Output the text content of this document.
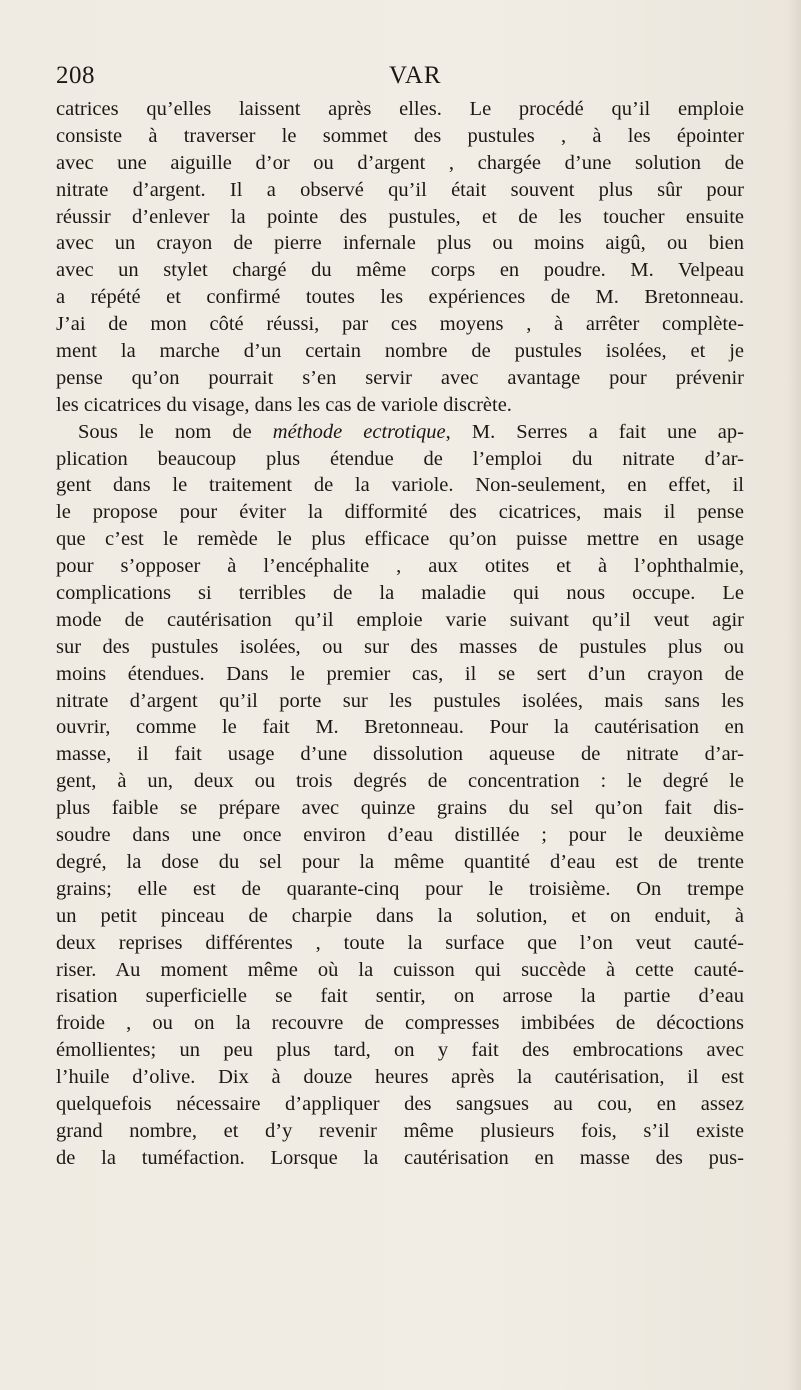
208	VAR
catrices qu’elles laissent après elles. Le procédé qu’il emploie
consiste à traverser le sommet des pustules , à les épointer
avec une aiguille d’or ou d’argent , chargée d’une solution de
nitrate d’argent. Il a observé qu’il était souvent plus sûr pour
réussir d’enlever la pointe des pustules, et de les toucher ensuite
avec un crayon de pierre infernale plus ou moins aigû, ou bien
avec un stylet chargé du même corps en poudre. M. Velpeau
a répété et confirmé toutes les expériences de M. Bretonneau.
J’ai de mon côté réussi, par ces moyens , à arrêter complète-
ment la marche d’un certain nombre de pustules isolées, et je
pense qu’on pourrait s’en servir avec avantage pour prévenir
les cicatrices du visage, dans les cas de variole discrète.
Sous le nom de méthode ectrotique, M. Serres a fait une ap-
plication beaucoup plus étendue de l’emploi du nitrate d’ar-
gent dans le traitement de la variole. Non-seulement, en effet, il
le propose pour éviter la difformité des cicatrices, mais il pense
que c’est le remède le plus efficace qu’on puisse mettre en usage
pour s’opposer à l’encéphalite , aux otites et à l’ophthalmie,
complications si terribles de la maladie qui nous occupe. Le
mode de cautérisation qu’il emploie varie suivant qu’il veut agir
sur des pustules isolées, ou sur des masses de pustules plus ou
moins étendues. Dans le premier cas, il se sert d’un crayon de
nitrate d’argent qu’il porte sur les pustules isolées, mais sans les
ouvrir, comme le fait M. Bretonneau. Pour la cautérisation en
masse, il fait usage d’une dissolution aqueuse de nitrate d’ar-
gent, à un, deux ou trois degrés de concentration : le degré le
plus faible se prépare avec quinze grains du sel qu’on fait dis-
soudre dans une once environ d’eau distillée ; pour le deuxième
degré, la dose du sel pour la même quantité d’eau est de trente
grains; elle est de quarante-cinq pour le troisième. On trempe
un petit pinceau de charpie dans la solution, et on enduit, à
deux reprises différentes , toute la surface que l’on veut cauté-
riser. Au moment même où la cuisson qui succède à cette cauté-
risation superficielle se fait sentir, on arrose la partie d’eau
froide , ou on la recouvre de compresses imbibées de décoctions
émollientes; un peu plus tard, on y fait des embrocations avec
l’huile d’olive. Dix à douze heures après la cautérisation, il est
quelquefois nécessaire d’appliquer des sangsues au cou, en assez
grand nombre, et d’y revenir même plusieurs fois, s’il existe
de la tuméfaction. Lorsque la cautérisation en masse des pus-
